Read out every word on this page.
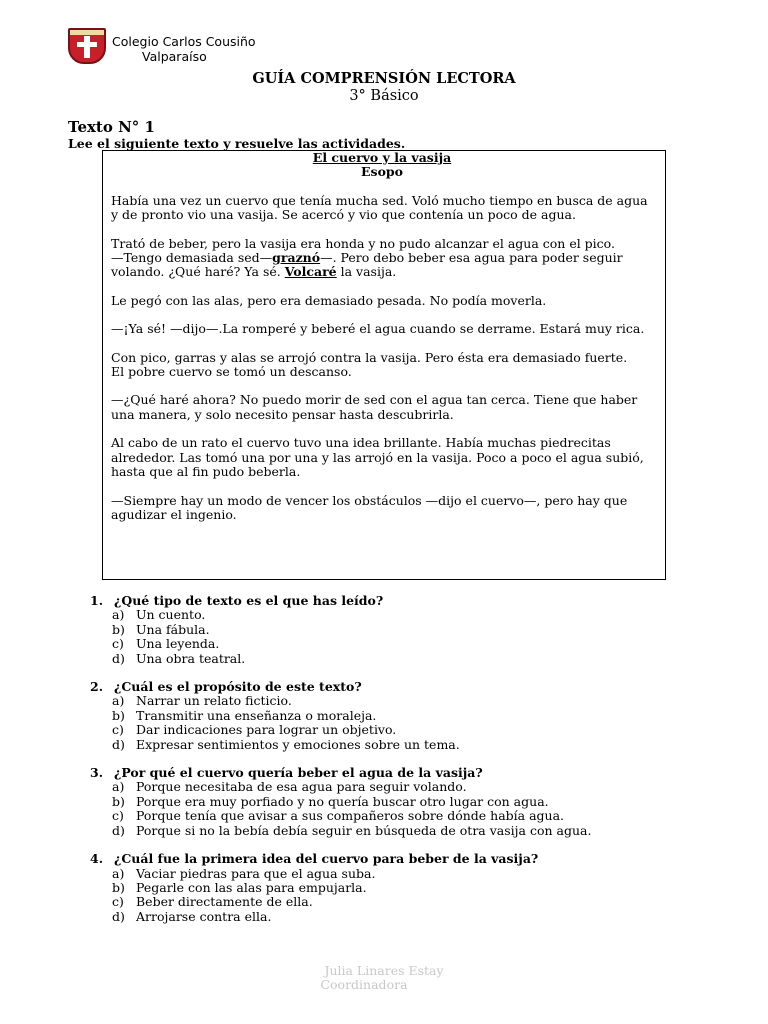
Colegio Carlos Cousiño
Valparaíso
GUÍA COMPRENSIÓN LECTORA
3° Básico
Texto N° 1
Lee el siguiente texto y resuelve las actividades.
El cuervo y la vasija
Esopo

Había una vez un cuervo que tenía mucha sed. Voló mucho tiempo en busca de agua y de pronto vio una vasija. Se acercó y vio que contenía un poco de agua.

Trató de beber, pero la vasija era honda y no pudo alcanzar el agua con el pico.

—Tengo demasiada sed—graznó—. Pero debo beber esa agua para poder seguir volando. ¿Qué haré? Ya sé. Volcaré la vasija.

Le pegó con las alas, pero era demasiado pesada. No podía moverla.

—¡Ya sé! —dijo—.La romperé y beberé el agua cuando se derrame. Estará muy rica.

Con pico, garras y alas se arrojó contra la vasija. Pero ésta era demasiado fuerte.

El pobre cuervo se tomó un descanso.

—¿Qué haré ahora? No puedo morir de sed con el agua tan cerca. Tiene que haber una manera, y solo necesito pensar hasta descubrirla.

Al cabo de un rato el cuervo tuvo una idea brillante. Había muchas piedrecitas alrededor. Las tomó una por una y las arrojó en la vasija. Poco a poco el agua subió, hasta que al fin pudo beberla.

—Siempre hay un modo de vencer los obstáculos —dijo el cuervo—, pero hay que agudizar el ingenio.

1. ¿Qué tipo de texto es el que has leído?
a) Un cuento.
b) Una fábula.
c) Una leyenda.
d) Una obra teatral.
2. ¿Cuál es el propósito de este texto?
a) Narrar un relato ficticio.
b) Transmitir una enseñanza o moraleja.
c) Dar indicaciones para lograr un objetivo.
d) Expresar sentimientos y emociones sobre un tema.
3. ¿Por qué el cuervo quería beber el agua de la vasija?
a) Porque necesitaba de esa agua para seguir volando.
b) Porque era muy porfiado y no quería buscar otro lugar con agua.
c) Porque tenía que avisar a sus compañeros sobre dónde había agua.
d) Porque si no la bebía debía seguir en búsqueda de otra vasija con agua.
4. ¿Cuál fue la primera idea del cuervo para beber de la vasija?
a) Vaciar piedras para que el agua suba.
b) Pegarle con las alas para empujarla.
c) Beber directamente de ella.
d) Arrojarse contra ella.
Julia Linares Estay
Coordinadora
